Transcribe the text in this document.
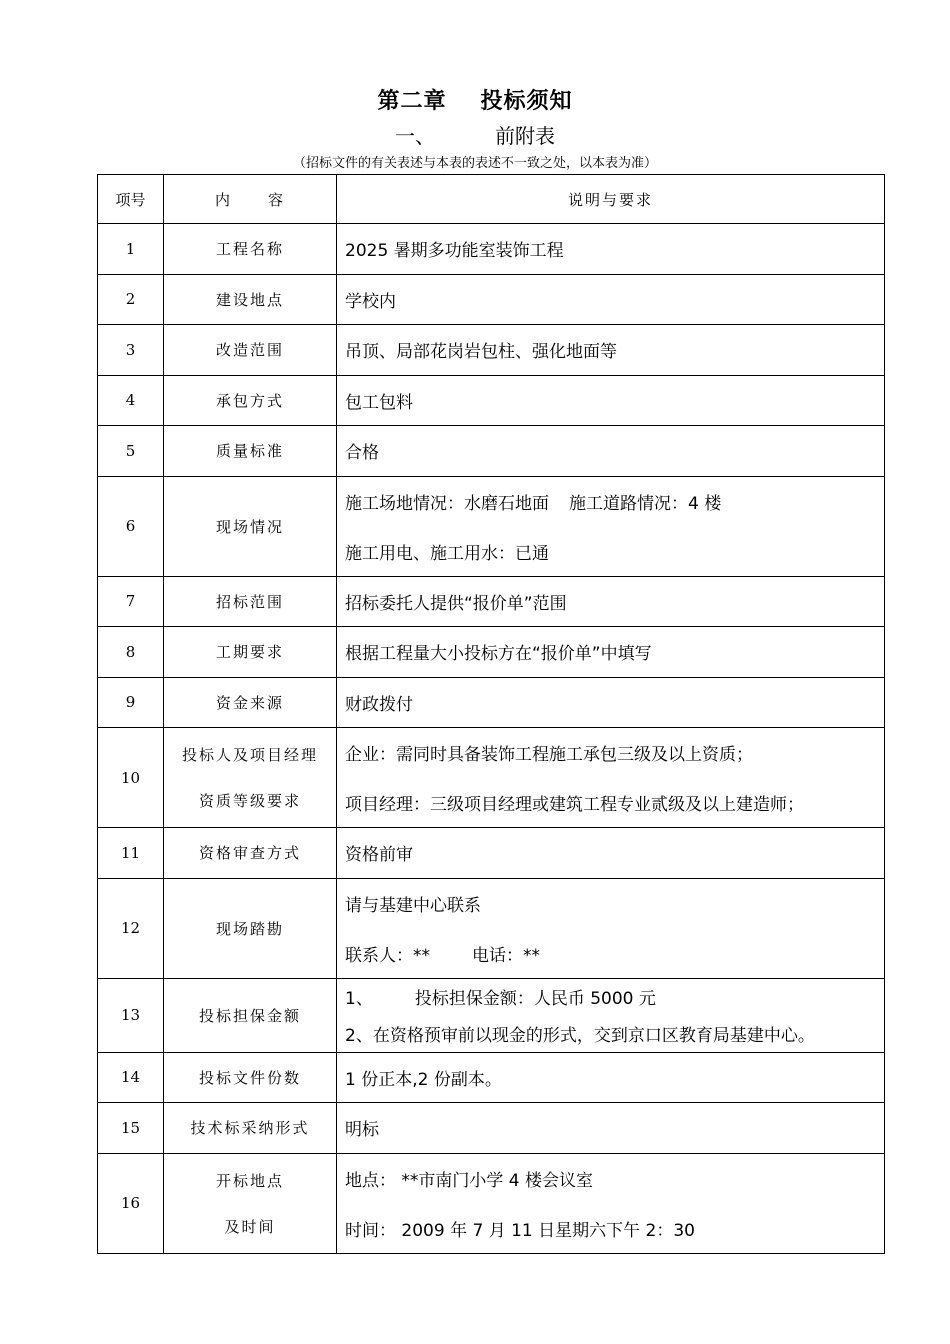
第二章 投标须知
一、	前附表
（招标文件的有关表述与本表的表述不一致之处，以本表为准）
项号	内 容	说明与要求
1	工程名称	2025 暑期多功能室装饰工程
2	建设地点	学校内
3	改造范围	吊顶、局部花岗岩包柱、强化地面等
4	承包方式	包工包料
5	质量标准	合格
6	现场情况	施工场地情况：水磨石地面 施工道路情况：4 楼
施工用电、施工用水：已通

7	招标范围	招标委托人提供“报价单”范围
8	工期要求	根据工程量大小投标方在“报价单”中填写
9	资金来源	财政拨付
10	投标人及项目经理
资质等级要求	企业：需同时具备装饰工程施工承包三级及以上资质；
项目经理：三级项目经理或建筑工程专业贰级及以上建造师；

11	资格审查方式	资格前审
12	现场踏勘	请与基建中心联系
联系人：** 电话：**

13	投标担保金额	1、 投标担保金额：人民币 5000 元
2、在资格预审前以现金的形式，交到京口区教育局基建中心。

14	投标文件份数	1 份正本,2 份副本。
15	技术标采纳形式	明标
16	开标地点
及时间	地点： **市南门小学 4 楼会议室
时间： 2009 年 7 月 11 日星期六下午 2：30
